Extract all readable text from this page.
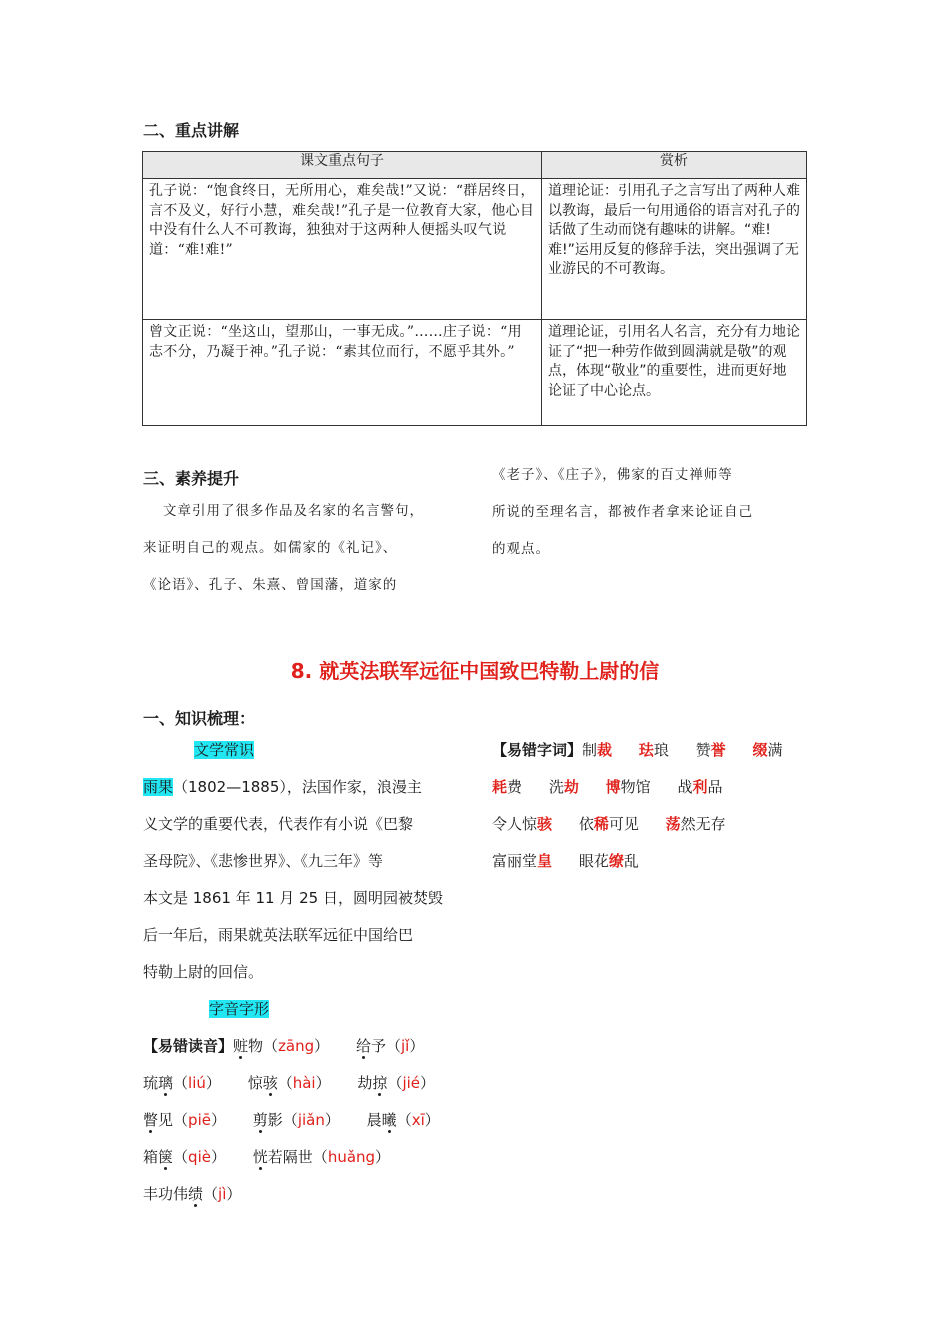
二、重点讲解
课文重点句子	赏析
孔子说：“饱食终日，无所用心，难矣哉!”又说：“群居终日，言不及义，好行小慧，难矣哉!”孔子是一位教育大家，他心目中没有什么人不可教诲，独独对于这两种人便摇头叹气说道：“难!难!”	道理论证：引用孔子之言写出了两种人难以教诲，最后一句用通俗的语言对孔子的话做了生动而饶有趣味的讲解。“难!难!”运用反复的修辞手法，突出强调了无业游民的不可教诲。
曾文正说：“坐这山，望那山，一事无成。”……庄子说：“用志不分，乃凝于神。”孔子说：“素其位而行，不愿乎其外。”	道理论证，引用名人名言，充分有力地论证了“把一种劳作做到圆满就是敬”的观点，体现“敬业”的重要性，进而更好地论证了中心论点。
三、素养提升
文章引用了很多作品及名家的名言警句，
来证明自己的观点。如儒家的《礼记》、
《论语》、孔子、朱熹、曾国藩，道家的
《老子》、《庄子》，佛家的百丈禅师等
所说的至理名言，都被作者拿来论证自己
的观点。
8. 就英法联军远征中国致巴特勒上尉的信
一、知识梳理：
文学常识
雨果（1802—1885），法国作家，浪漫主
义文学的重要代表，代表作有小说《巴黎
圣母院》、《悲惨世界》、《九三年》等
本文是 1861 年 11 月 25 日，圆明园被焚毁
后一年后，雨果就英法联军远征中国给巴
特勒上尉的回信。
字音字形
【易错读音】赃物（zāng） 给予（jǐ） 琉璃（liú） 惊骇（hài） 劫掠（jié） 瞥见（piē） 剪影（jiǎn） 晨曦（xī） 箱箧（qiè） 恍若隔世（huǎng） 丰功伟绩（jì）
【易错字词】制裁 珐琅 赞誉 缀满 耗费 洗劫 博物馆 战利品 令人惊骇 依稀可见 荡然无存 富丽堂皇 眼花缭乱
